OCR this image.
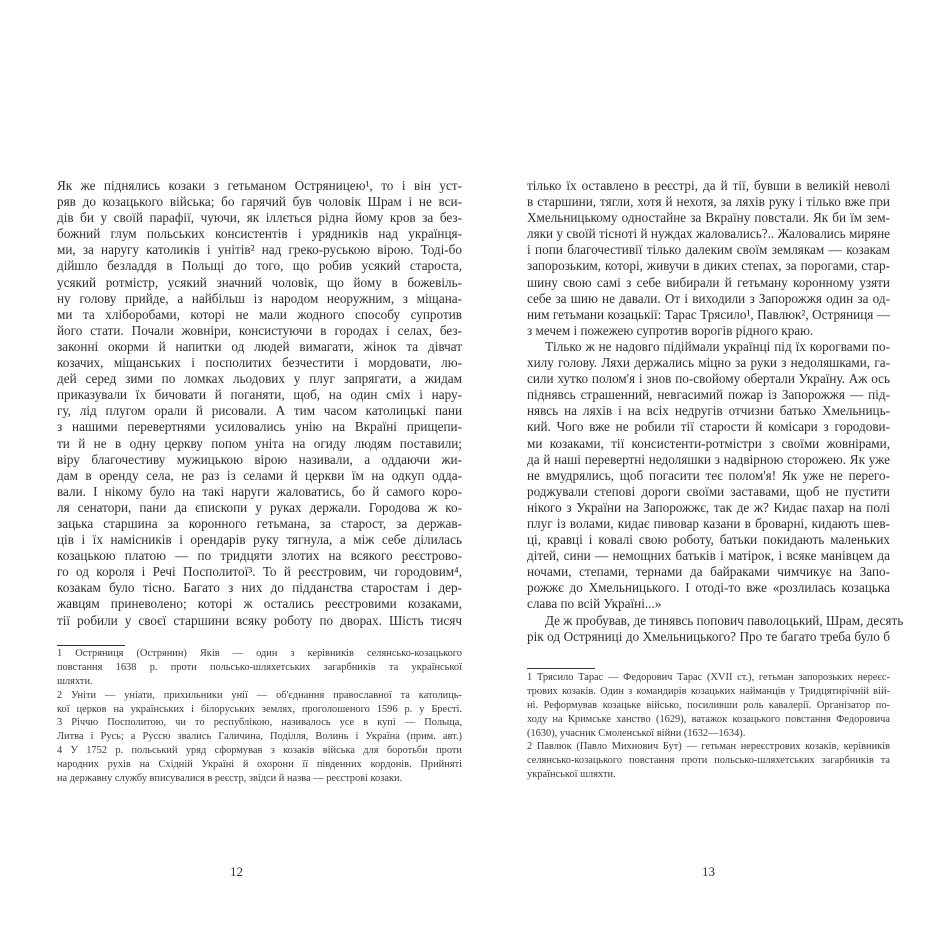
Як же піднялись козаки з гетьманом Остряницею¹, то і він уст-
ряв до козацького війська; бо гарячий був чоловік Шрам і не вси-
дів би у своїй парафії, чуючи, як іллється рідна йому кров за без-
божний глум польських консистентів і урядників над українця-
ми, за наругу католиків і унітів² над греко-руською вірою. Тоді-бо
дійшло безладдя в Польщі до того, що робив усякий староста,
усякий ротмістр, усякий значний чоловік, що йому в божевіль-
ну голову прийде, а найбільш із народом неоружним, з міщана-
ми та хліборобами, которі не мали жодного способу супротив
його стати. Почали жовніри, консистуючи в городах і селах, без-
законні окорми й напитки од людей вимагати, жінок та дівчат
козачих, міщанських і посполитих безчестити і мордовати, лю-
дей серед зими по ломках льодових у плуг запрягати, а жидам
приказували їх бичовати й поганяти, щоб, на один сміх і нару-
гу, лід плугом орали й рисовали. А тим часом католицькі пани
з нашими перевертнями усиловались унію на Вкраїні прищепи-
ти й не в одну церкву попом уніта на огиду людям поставили;
віру благочестиву мужицькою вірою називали, а оддаючи жи-
дам в оренду села, не раз із селами й церкви їм на одкуп одда-
вали. І нікому було на такі наруги жаловатись, бо й самого коро-
ля сенатори, пани да єпископи у руках держали. Городова ж ко-
зацька старшина за коронного гетьмана, за старост, за держав-
ців і їх намісників і орендарів руку тягнула, а між себе ділилась
козацькою платою — по тридцяти злотих на всякого реєстрово-
го од короля і Речі Посполитої³. То й реєстровим, чи городовим⁴,
козакам було тісно. Багато з них до підданства старостам і дер-
жавцям приневолено; которі ж остались реєстровими козаками,
тії робили у своєї старшини всяку роботу по дворах. Шість тисяч
1 Остряниця (Острянин) Яків — один з керівників селянсько-козацького
повстання 1638 р. проти польсько-шляхетських загарбників та української
шляхти.
2 Уніти — уніати, прихильники унії — об'єднання православної та католиць-
кої церков на українських і білоруських землях, проголошеного 1596 р. у Бресті.
3 Річчю Посполитою, чи то республікою, називалось усе в купі — Польща,
Литва і Русь; а Руссю звались Галичина, Поділля, Волинь і Україна (прим. авт.)
4 У 1752 р. польський уряд сформував з козаків війська для боротьби проти
народних рухів на Східній Україні й охорони її південних кордонів. Прийняті
на державну службу вписувалися в реєстр, звідси й назва — реєстрові козаки.
12
тілько їх оставлено в реєстрі, да й тії, бувши в великій неволі
в старшини, тягли, хотя й нехотя, за ляхів руку і тілько вже при
Хмельницькому одностайне за Вкраїну повстали. Як би їм зем-
ляки у своїй тісноті й нуждах жаловались?.. Жаловались миряне
і попи благочестивії тілько далеким своїм землякам — козакам
запорозьким, которі, живучи в диких степах, за порогами, стар-
шину свою самі з себе вибирали й гетьману коронному узяти
себе за шию не давали. От і виходили з Запорожжя один за од-
ним гетьмани козацькії: Тарас Трясило¹, Павлюк², Остряниця —
з мечем і пожежею супротив ворогів рідного краю.
Тілько ж не надовго підіймали українці під їх корогвами по-
хилу голову. Ляхи держались міцно за руки з недоляшками, га-
сили хутко полом'я і знов по-свойому обертали Україну. Аж ось
піднявсь страшенний, невгасимий пожар із Запорожжя — під-
нявсь на ляхів і на всіх недругів отчизни батько Хмельниць-
кий. Чого вже не робили тії старости й комісари з городови-
ми козаками, тії консистенти-ротмістри з своїми жовнірами,
да й наші перевертні недоляшки з надвірною сторожею. Як уже
не вмудрялись, щоб погасити теє полом'я! Як уже не перего-
роджували степові дороги своїми заставами, щоб не пустити
нікого з України на Запорожжє, так де ж? Кидає пахар на полі
плуг із волами, кидає пивовар казани в броварні, кидають шев-
ці, кравці і ковалі свою роботу, батьки покидають маленьких
дітей, сини — немощних батьків і матірок, і всяке манівцем да
ночами, степами, тернами да байраками чимчикує на Запо-
рожжє до Хмельницького. І отоді-то вже «розлилась козацька
слава по всій Україні...»
Де ж пробував, де тинявсь попович паволоцький, Шрам, десять
рік од Остряниці до Хмельницького? Про те багато треба було б
1 Трясило Тарас — Федорович Тарас (XVII ст.), гетьман запорозьких нереєс-
трових козаків. Один з командирів козацьких найманців у Тридцятирічній вій-
ні. Реформував козацьке військо, посиливши роль кавалерії. Організатор по-
ходу на Кримське ханство (1629), ватажок козацького повстання Федоровича
(1630), учасник Смоленської війни (1632—1634).
2 Павлюк (Павло Михнович Бут) — гетьман нереєстрових козаків, керівників
селянсько-козацького повстання проти польсько-шляхетських загарбників та
української шляхти.
13
